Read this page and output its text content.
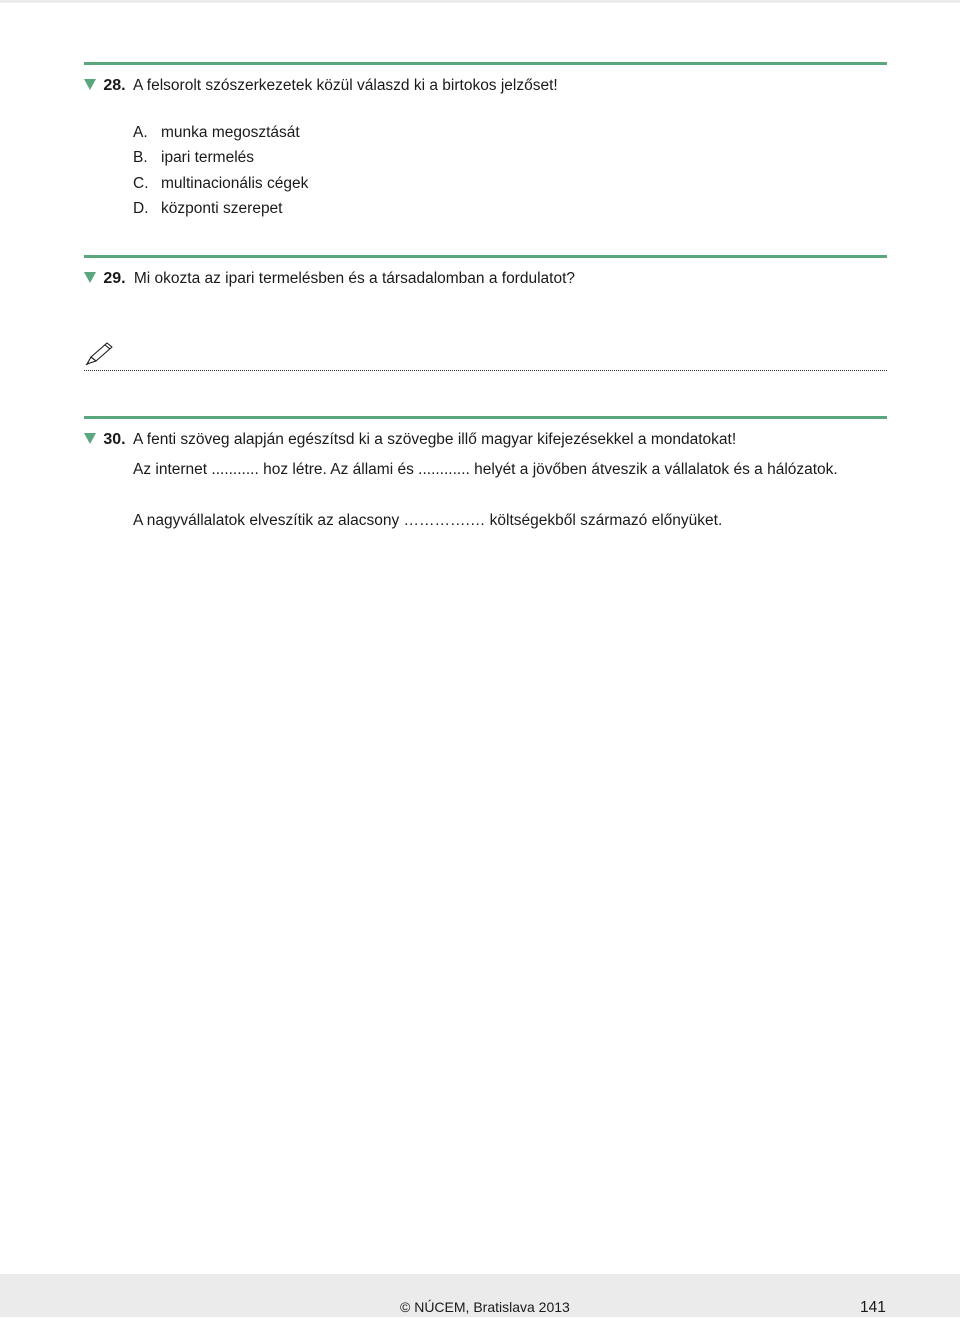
28. A felsorolt szószerkezetek közül válaszd ki a birtokos jelzőset!
A. munka megosztását
B. ipari termelés
C. multinacionális cégek
D. központi szerepet
29. Mi okozta az ipari termelésben és a társadalomban a fordulatot?
30. A fenti szöveg alapján egészítsd ki a szövegbe illő magyar kifejezésekkel a mondatokat!
Az internet ........... hoz létre. Az állami és ............ helyét a jövőben átveszik a vállalatok és a hálózatok.
A nagyvállalatok elveszítik az alacsony ………….… költségekből származó előnyüket.
© NÚCEM, Bratislava 2013	141
